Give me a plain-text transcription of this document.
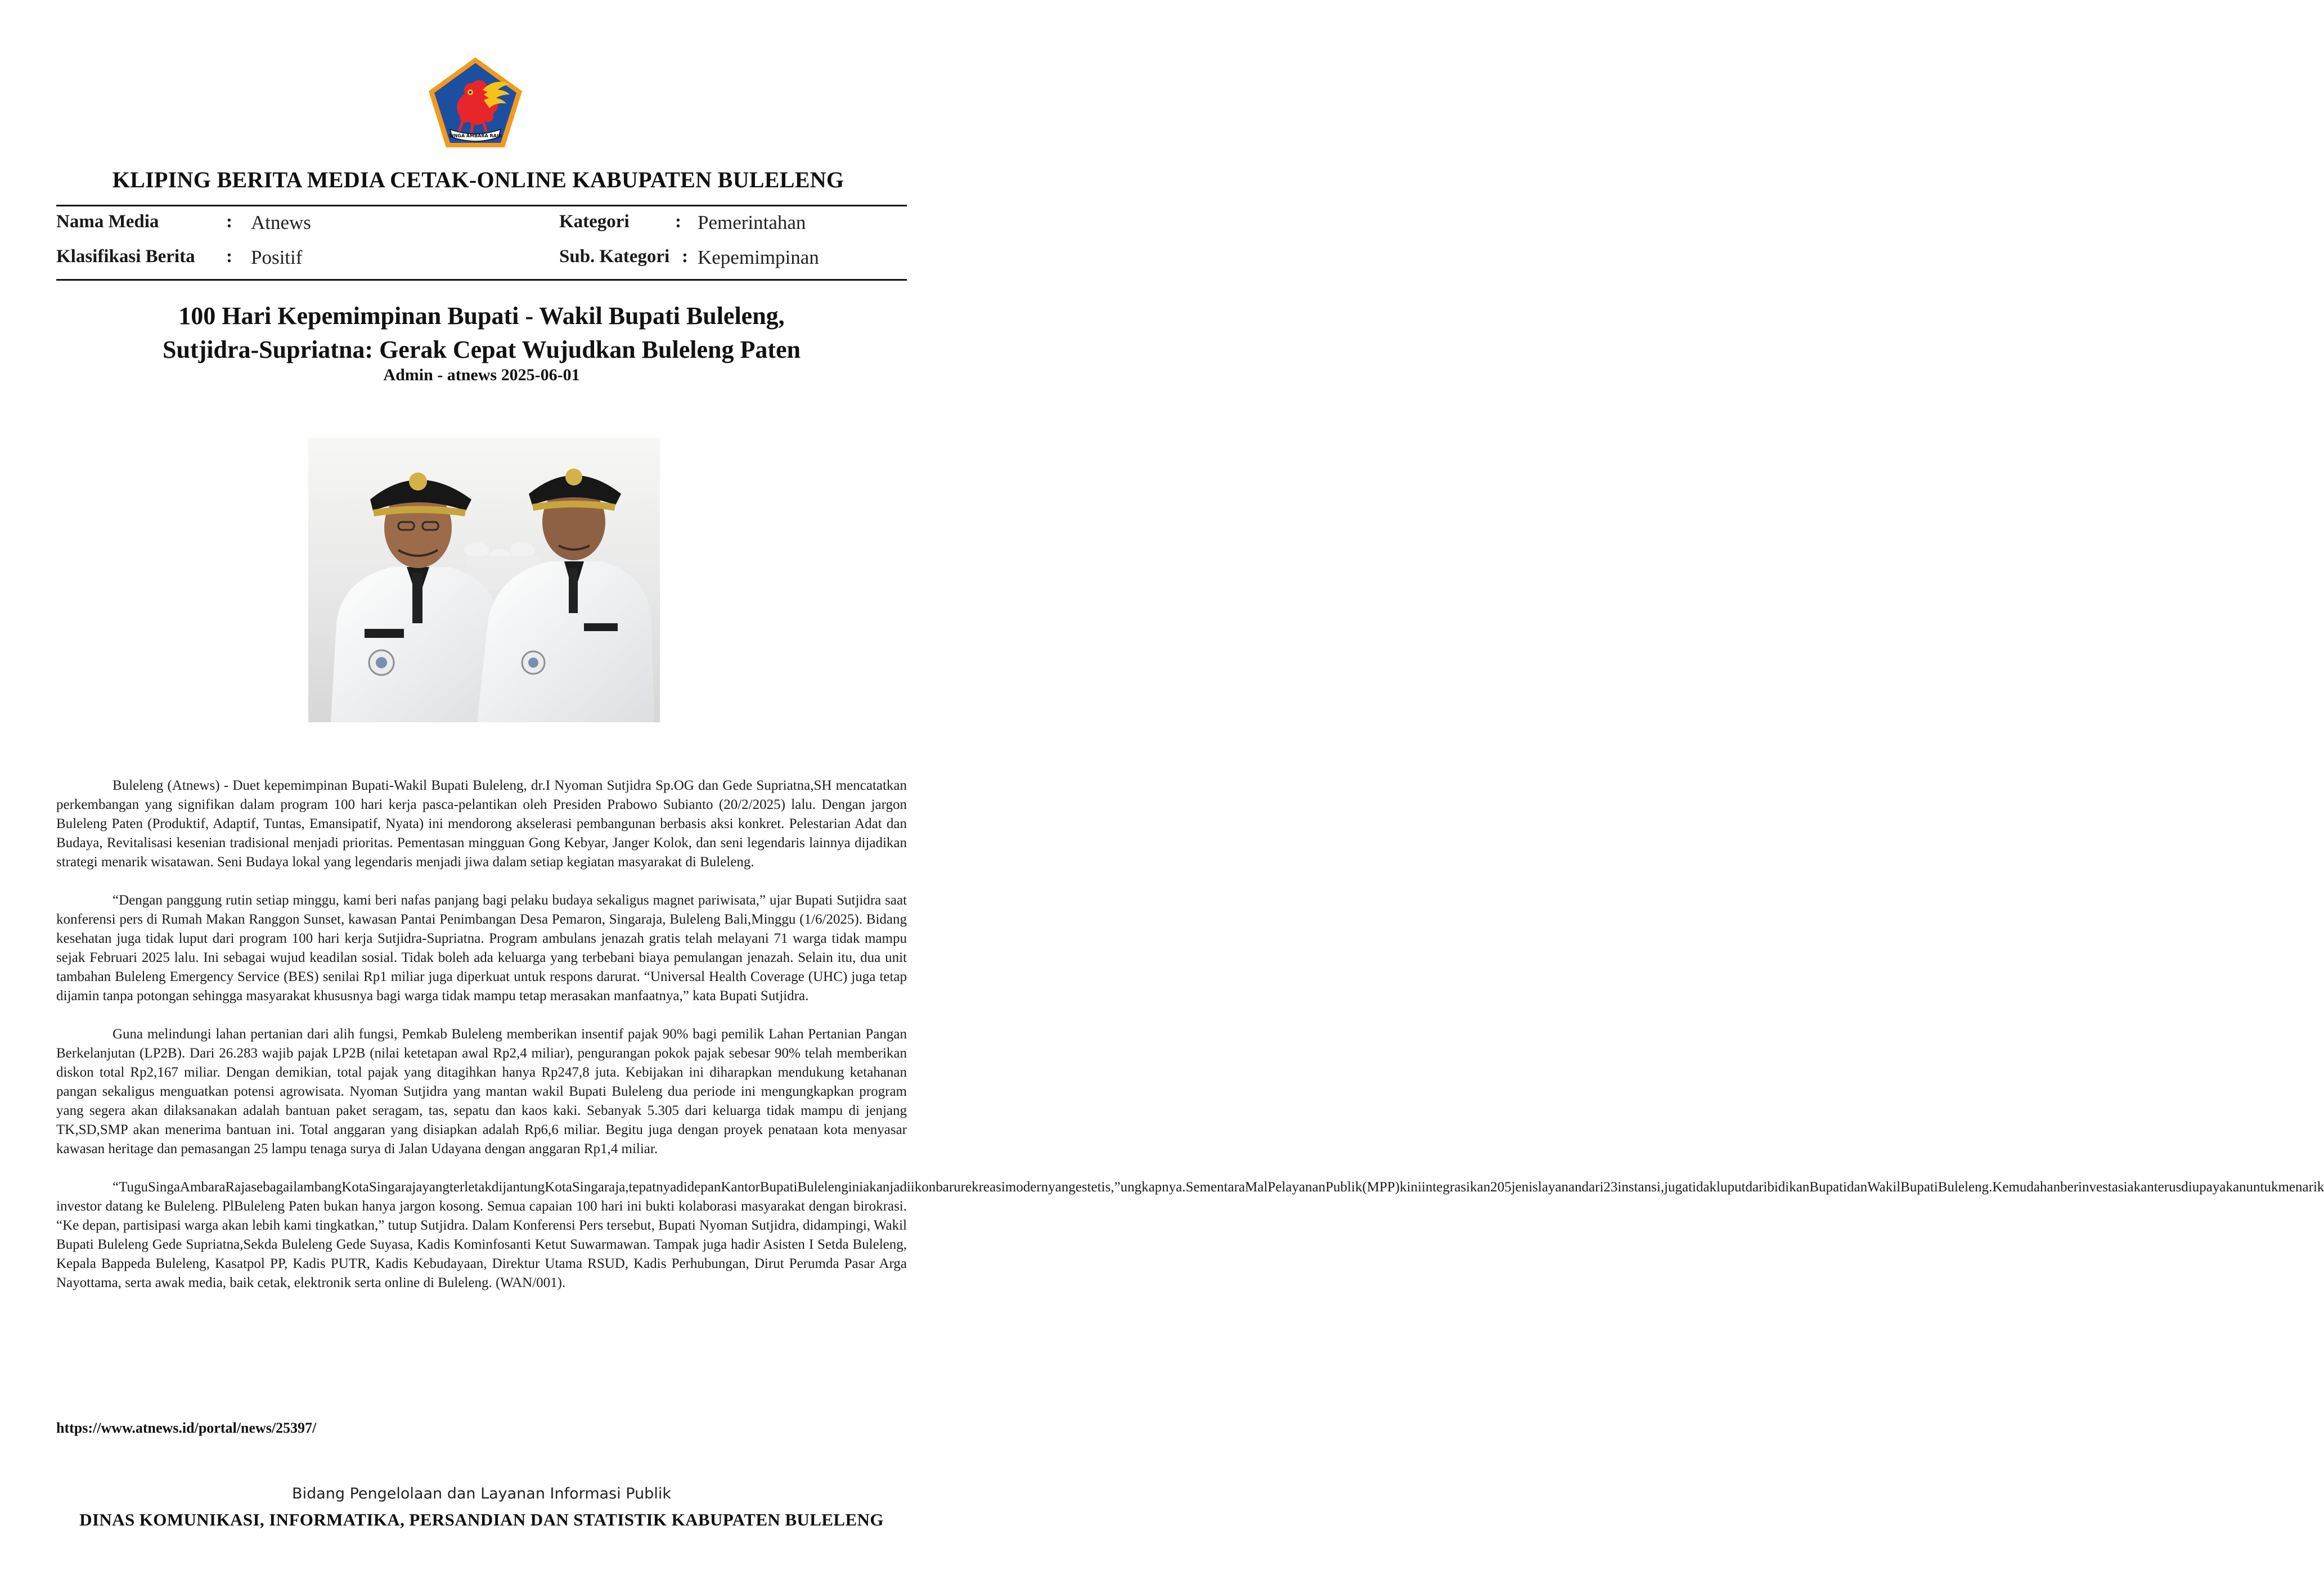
SINGA AMBARA RAJA
KLIPING BERITA MEDIA CETAK-ONLINE KABUPATEN BULELENG
Nama Media	: Atnews
Klasifikasi Berita : Positif
Kategori : Pemerintahan
Sub. Kategori : Kepemimpinan
100 Hari Kepemimpinan Bupati - Wakil Bupati Buleleng,
Sutjidra-Supriatna: Gerak Cepat Wujudkan Buleleng Paten
Admin - atnews 2025-06-01

Buleleng (Atnews) - Duet kepemimpinan Bupati-Wakil Bupati Buleleng, dr.I Nyoman Sutjidra Sp.OG dan Gede Supriatna,SH mencatatkan perkembangan yang signifikan dalam program 100 hari kerja pasca-pelantikan oleh Presiden Prabowo Subianto (20/2/2025) lalu. Dengan jargon Buleleng Paten (Produktif, Adaptif, Tuntas, Emansipatif, Nyata) ini mendorong akselerasi pembangunan berbasis aksi konkret. Pelestarian Adat dan Budaya, Revitalisasi kesenian tradisional menjadi prioritas. Pementasan mingguan Gong Kebyar, Janger Kolok, dan seni legendaris lainnya dijadikan strategi menarik wisatawan. Seni Budaya lokal yang legendaris menjadi jiwa dalam setiap kegiatan masyarakat di Buleleng.

“Dengan panggung rutin setiap minggu, kami beri nafas panjang bagi pelaku budaya sekaligus magnet pariwisata,” ujar Bupati Sutjidra saat konferensi pers di Rumah Makan Ranggon Sunset, kawasan Pantai Penimbangan Desa Pemaron, Singaraja, Buleleng Bali,Minggu (1/6/2025). Bidang kesehatan juga tidak luput dari program 100 hari kerja Sutjidra-Supriatna. Program ambulans jenazah gratis telah melayani 71 warga tidak mampu sejak Februari 2025 lalu. Ini sebagai wujud keadilan sosial. Tidak boleh ada keluarga yang terbebani biaya pemulangan jenazah. Selain itu, dua unit tambahan Buleleng Emergency Service (BES) senilai Rp1 miliar juga diperkuat untuk respons darurat. “Universal Health Coverage (UHC) juga tetap dijamin tanpa potongan sehingga masyarakat khususnya bagi warga tidak mampu tetap merasakan manfaatnya,” kata Bupati Sutjidra.

Guna melindungi lahan pertanian dari alih fungsi, Pemkab Buleleng memberikan insentif pajak 90% bagi pemilik Lahan Pertanian Pangan Berkelanjutan (LP2B). Dari 26.283 wajib pajak LP2B (nilai ketetapan awal Rp2,4 miliar), pengurangan pokok pajak sebesar 90% telah memberikan diskon total Rp2,167 miliar. Dengan demikian, total pajak yang ditagihkan hanya Rp247,8 juta. Kebijakan ini diharapkan mendukung ketahanan pangan sekaligus menguatkan potensi agrowisata. Nyoman Sutjidra yang mantan wakil Bupati Buleleng dua periode ini mengungkapkan program yang segera akan dilaksanakan adalah bantuan paket seragam, tas, sepatu dan kaos kaki. Sebanyak 5.305 dari keluarga tidak mampu di jenjang TK,SD,SMP akan menerima bantuan ini. Total anggaran yang disiapkan adalah Rp6,6 miliar. Begitu juga dengan proyek penataan kota menyasar kawasan heritage dan pemasangan 25 lampu tenaga surya di Jalan Udayana dengan anggaran Rp1,4 miliar.

“TuguSingaAmbaraRajasebagailambangKotaSingarajayangterletakdijantungKotaSingaraja,tepatnyadidepanKantorBupatiBulelenginiakanjadiikonbarurekreasimodernyangestetis,”ungkapnya.SementaraMalPelayananPublik(MPP)kiniintegrasikan205jenislayanandari23instansi,jugatidakluputdaribidikanBupatidanWakilBupatiBuleleng.Kemudahanberinvestasiakanterusdiupayakanuntukmenarik investor datang ke Buleleng. PlBuleleng Paten bukan hanya jargon kosong. Semua capaian 100 hari ini bukti kolaborasi masyarakat dengan birokrasi. “Ke depan, partisipasi warga akan lebih kami tingkatkan,” tutup Sutjidra. Dalam Konferensi Pers tersebut, Bupati Nyoman Sutjidra, didampingi, Wakil Bupati Buleleng Gede Supriatna,Sekda Buleleng Gede Suyasa, Kadis Kominfosanti Ketut Suwarmawan. Tampak juga hadir Asisten I Setda Buleleng, Kepala Bappeda Buleleng, Kasatpol PP, Kadis PUTR, Kadis Kebudayaan, Direktur Utama RSUD, Kadis Perhubungan, Dirut Perumda Pasar Arga Nayottama, serta awak media, baik cetak, elektronik serta online di Buleleng. (WAN/001).

https://www.atnews.id/portal/news/25397/
Bidang Pengelolaan dan Layanan Informasi Publik
DINAS KOMUNIKASI, INFORMATIKA, PERSANDIAN DAN STATISTIK KABUPATEN BULELENG
